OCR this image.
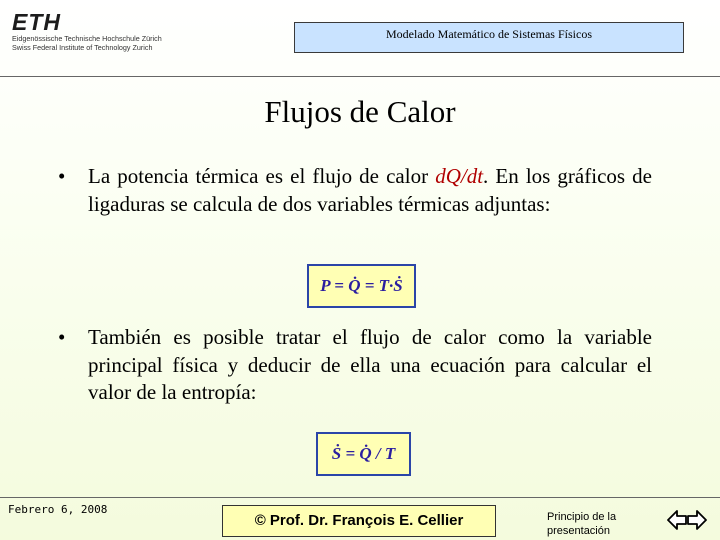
ETH
Eidgenössische Technische Hochschule Zürich
Swiss Federal Institute of Technology Zurich
Modelado Matemático de Sistemas Físicos
Flujos de Calor
• La potencia térmica es el flujo de calor dQ/dt. En los gráficos de ligaduras se calcula de dos variables térmicas adjuntas:
P = Q̇ = T·Ṡ
• También es posible tratar el flujo de calor como la variable principal física y deducir de ella una ecuación para calcular el valor de la entropía:
Ṡ = Q̇ / T
Febrero 6, 2008
© Prof. Dr. François E. Cellier	Principio de la presentación
